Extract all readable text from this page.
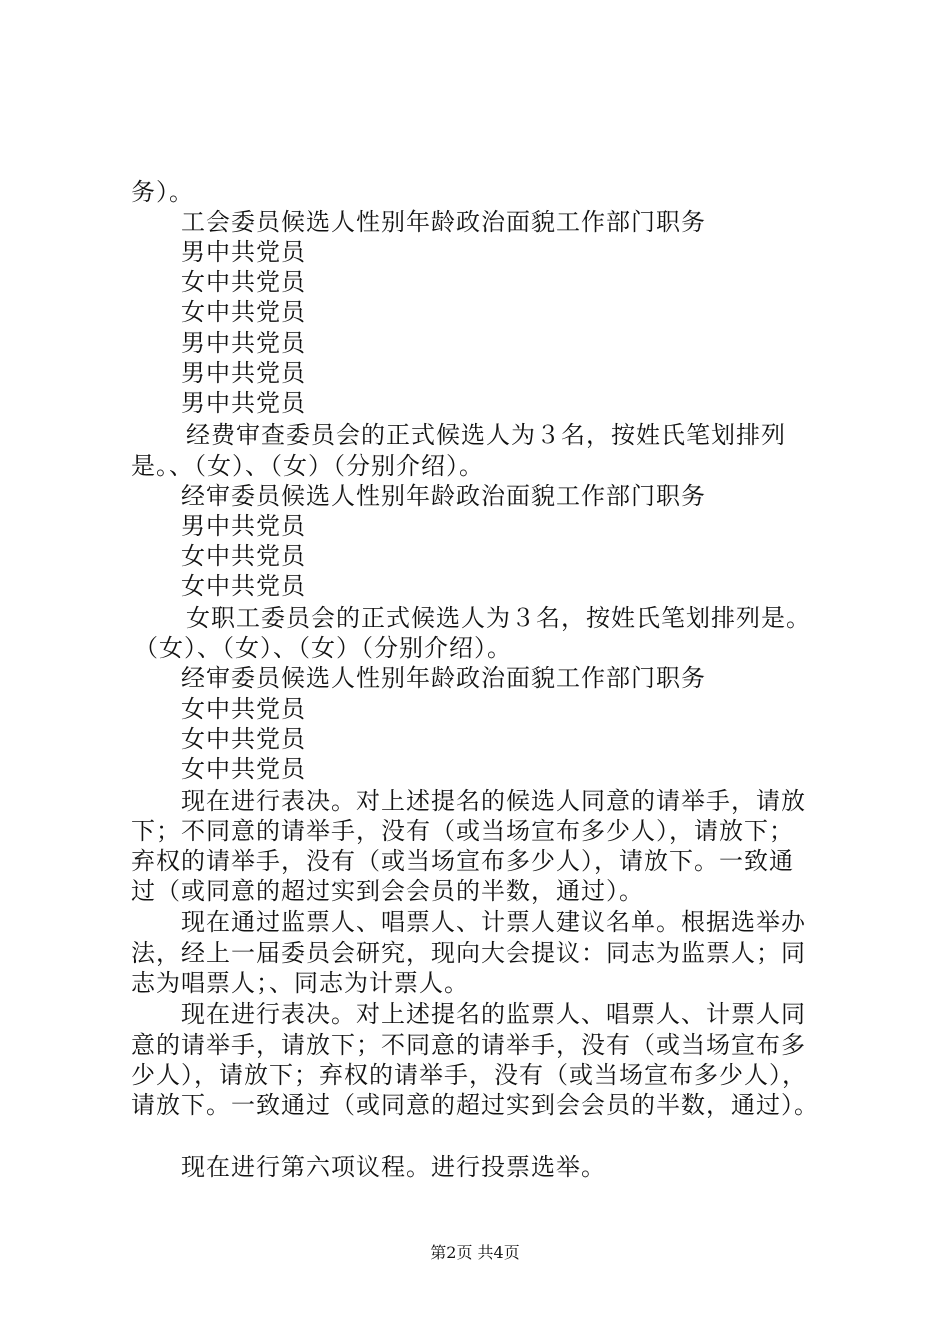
务）。
工会委员候选人性别年龄政治面貌工作部门职务
男中共党员
女中共党员
女中共党员
男中共党员
男中共党员
男中共党员
经费审查委员会的正式候选人为３名，按姓氏笔划排列
是。、（女）、（女）（分别介绍）。
经审委员候选人性别年龄政治面貌工作部门职务
男中共党员
女中共党员
女中共党员
女职工委员会的正式候选人为３名，按姓氏笔划排列是。
（女）、（女）、（女）（分别介绍）。
经审委员候选人性别年龄政治面貌工作部门职务
女中共党员
女中共党员
女中共党员
现在进行表决。对上述提名的候选人同意的请举手，请放
下；不同意的请举手，没有（或当场宣布多少人），请放下；
弃权的请举手，没有（或当场宣布多少人），请放下。一致通
过（或同意的超过实到会会员的半数，通过）。
现在通过监票人、唱票人、计票人建议名单。根据选举办
法，经上一届委员会研究，现向大会提议：同志为监票人；同
志为唱票人；、同志为计票人。
现在进行表决。对上述提名的监票人、唱票人、计票人同
意的请举手，请放下；不同意的请举手，没有（或当场宣布多
少人），请放下；弃权的请举手，没有（或当场宣布多少人），
请放下。一致通过（或同意的超过实到会会员的半数，通过）。
现在进行第六项议程。进行投票选举。
第2页 共4页
